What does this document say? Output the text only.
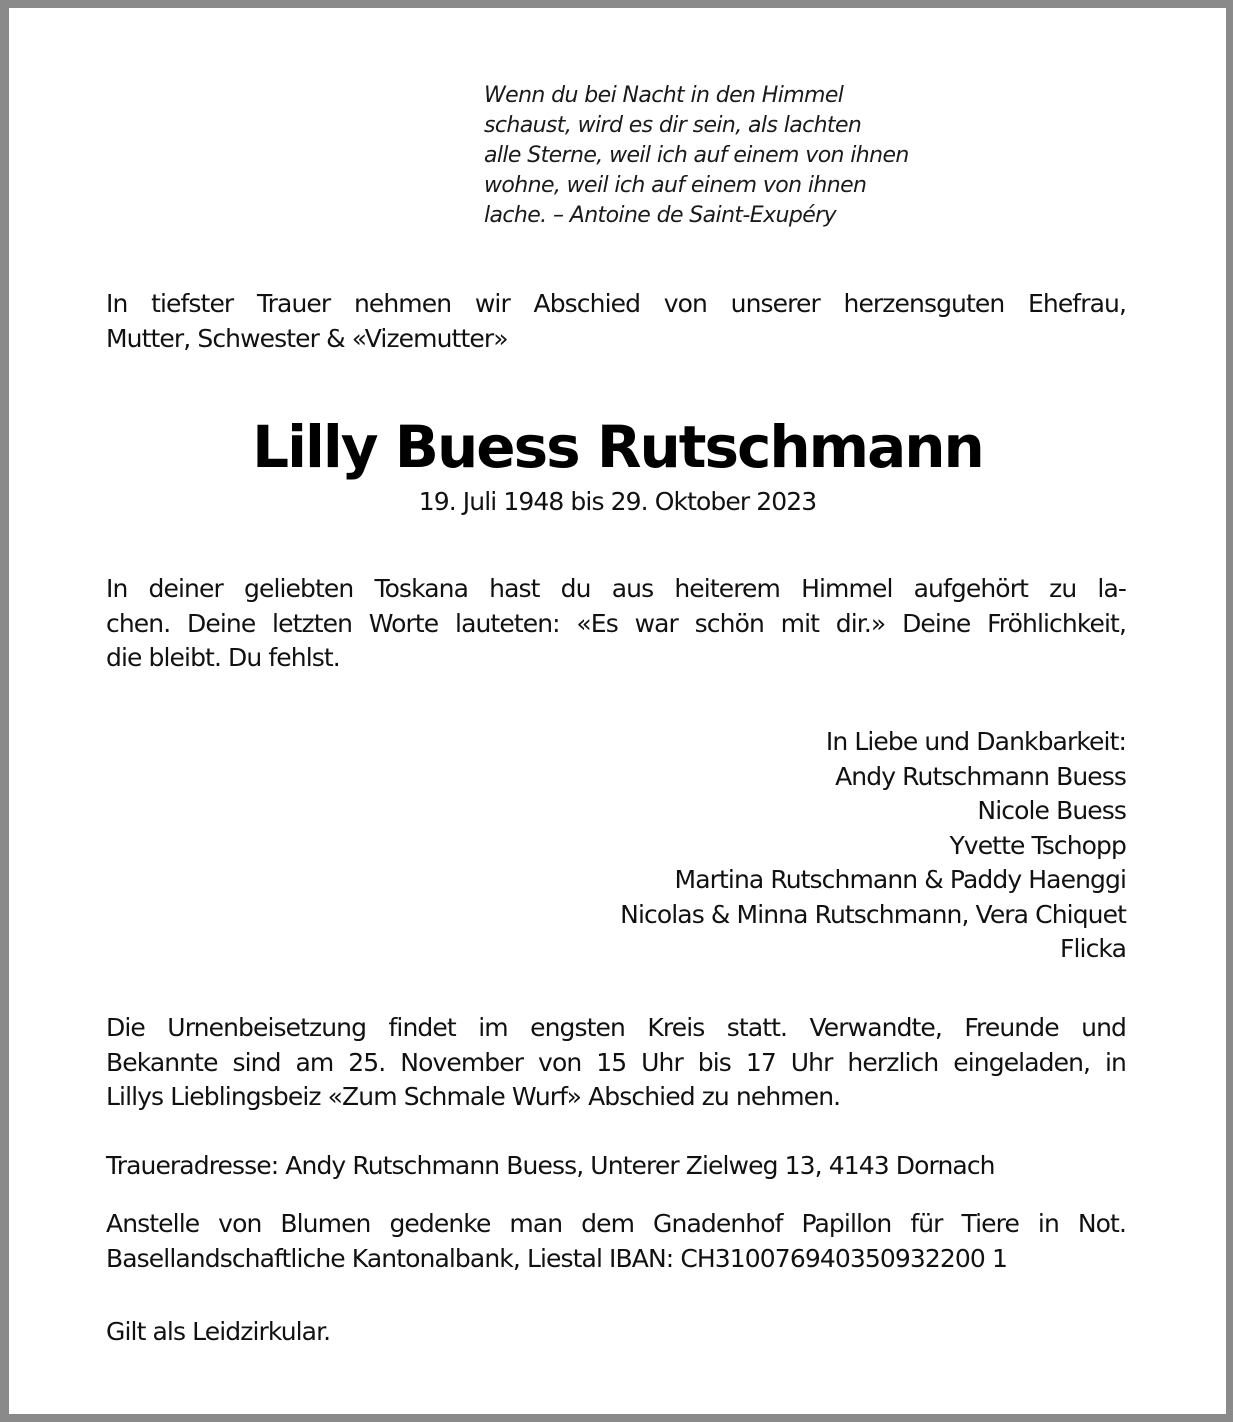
Wenn du bei Nacht in den Himmel
schaust, wird es dir sein, als lachten
alle Sterne, weil ich auf einem von ihnen
wohne, weil ich auf einem von ihnen
lache. – Antoine de Saint-Exupéry
In tiefster Trauer nehmen wir Abschied von unserer herzensguten Ehefrau,
Mutter, Schwester & «Vizemutter»
Lilly Buess Rutschmann
19. Juli 1948 bis 29. Oktober 2023
In deiner geliebten Toskana hast du aus heiterem Himmel aufgehört zu la-
chen. Deine letzten Worte lauteten: «Es war schön mit dir.» Deine Fröhlichkeit,
die bleibt. Du fehlst.
In Liebe und Dankbarkeit:
Andy Rutschmann Buess
Nicole Buess
Yvette Tschopp
Martina Rutschmann & Paddy Haenggi
Nicolas & Minna Rutschmann, Vera Chiquet
Flicka
Die Urnenbeisetzung findet im engsten Kreis statt. Verwandte, Freunde und
Bekannte sind am 25. November von 15 Uhr bis 17 Uhr herzlich eingeladen, in
Lillys Lieblingsbeiz «Zum Schmale Wurf» Abschied zu nehmen.
Traueradresse: Andy Rutschmann Buess, Unterer Zielweg 13, 4143 Dornach
Anstelle von Blumen gedenke man dem Gnadenhof Papillon für Tiere in Not.
Basellandschaftliche Kantonalbank, Liestal IBAN: CH310076940350932200 1
Gilt als Leidzirkular.
